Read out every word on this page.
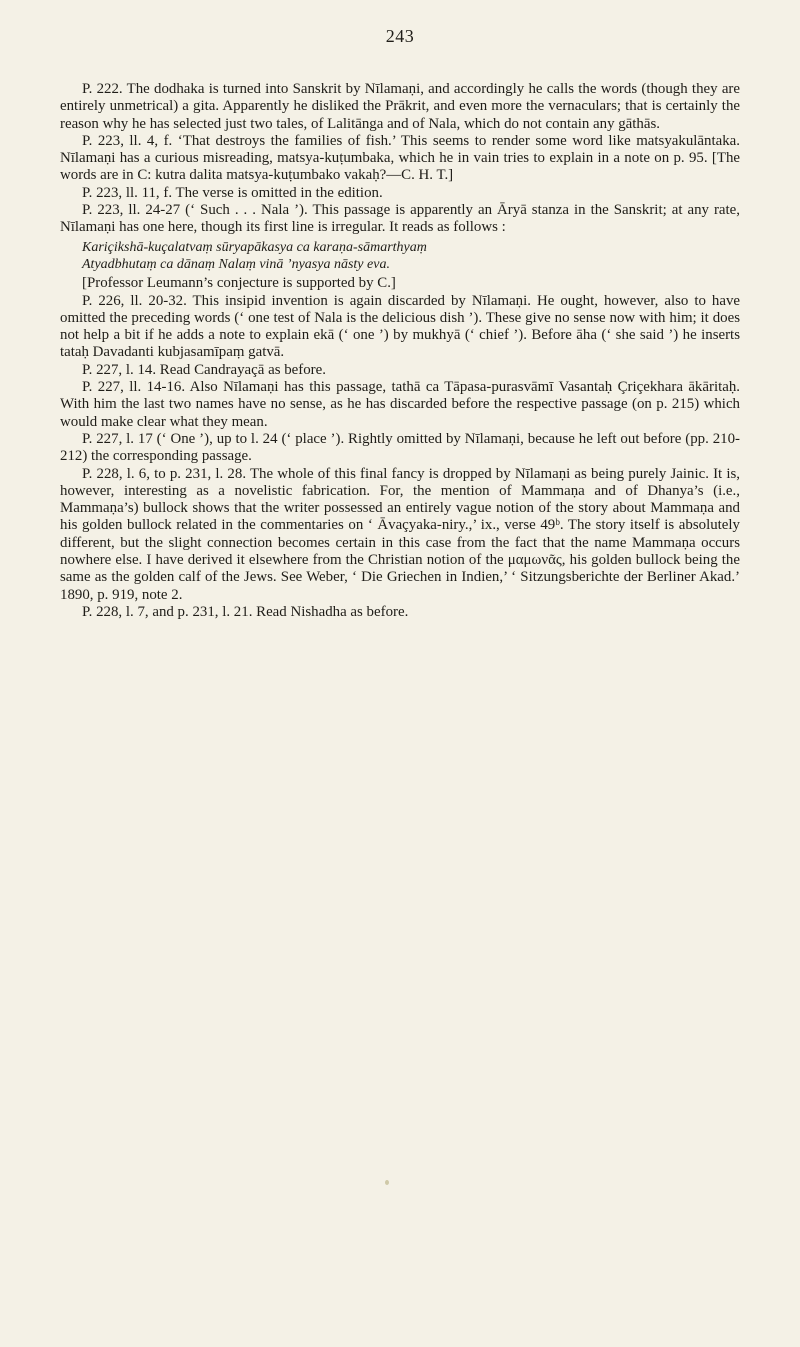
243

P. 222. The dodhaka is turned into Sanskrit by Nīlamaṇi, and accordingly he calls the words (though they are entirely unmetrical) a gita. Apparently he disliked the Prākrit, and even more the vernaculars; that is certainly the reason why he has selected just two tales, of Lalitānga and of Nala, which do not contain any gāthās.

P. 223, ll. 4, f. ‘That destroys the families of fish.’ This seems to render some word like matsyakulāntaka. Nīlamaṇi has a curious misreading, matsya-kuṭumbaka, which he in vain tries to explain in a note on p. 95. [The words are in C: kutra dalita matsya-kuṭumbako vakaḥ?—C. H. T.]

P. 223, ll. 11, f. The verse is omitted in the edition.

P. 223, ll. 24-27 (‘ Such . . . Nala ’). This passage is apparently an Āryā stanza in the Sanskrit; at any rate, Nīlamaṇi has one here, though its first line is irregular. It reads as follows :

Kariçikshā-kuçalatvaṃ sūryapākasya ca karaṇa-sāmarthyaṃ
Atyadbhutaṃ ca dānaṃ Nalaṃ vinā ’nyasya nāsty eva.

[Professor Leumann’s conjecture is supported by C.]

P. 226, ll. 20-32. This insipid invention is again discarded by Nīlamaṇi. He ought, however, also to have omitted the preceding words (‘ one test of Nala is the delicious dish ’). These give no sense now with him; it does not help a bit if he adds a note to explain ekā (‘ one ’) by mukhyā (‘ chief ’). Before āha (‘ she said ’) he inserts tataḥ Davadanti kubjasamīpaṃ gatvā.

P. 227, l. 14. Read Candrayaçā as before.

P. 227, ll. 14-16. Also Nīlamaṇi has this passage, tathā ca Tāpasa-purasvāmī Vasantaḥ Çriçekhara ākāritaḥ. With him the last two names have no sense, as he has discarded before the respective passage (on p. 215) which would make clear what they mean.

P. 227, l. 17 (‘ One ’), up to l. 24 (‘ place ’). Rightly omitted by Nīlamaṇi, because he left out before (pp. 210-212) the corresponding passage.

P. 228, l. 6, to p. 231, l. 28. The whole of this final fancy is dropped by Nīlamaṇi as being purely Jainic. It is, however, interesting as a novelistic fabrication. For, the mention of Mammaṇa and of Dhanya’s (i.e., Mammaṇa’s) bullock shows that the writer possessed an entirely vague notion of the story about Mammaṇa and his golden bullock related in the commentaries on ‘ Āvaçyaka-niry.,’ ix., verse 49ᵇ. The story itself is absolutely different, but the slight connection becomes certain in this case from the fact that the name Mammaṇa occurs nowhere else. I have derived it elsewhere from the Christian notion of the μαμωνᾶς, his golden bullock being the same as the golden calf of the Jews. See Weber, ‘ Die Griechen in Indien,’ ‘ Sitzungsberichte der Berliner Akad.’ 1890, p. 919, note 2.

P. 228, l. 7, and p. 231, l. 21. Read Nishadha as before.
